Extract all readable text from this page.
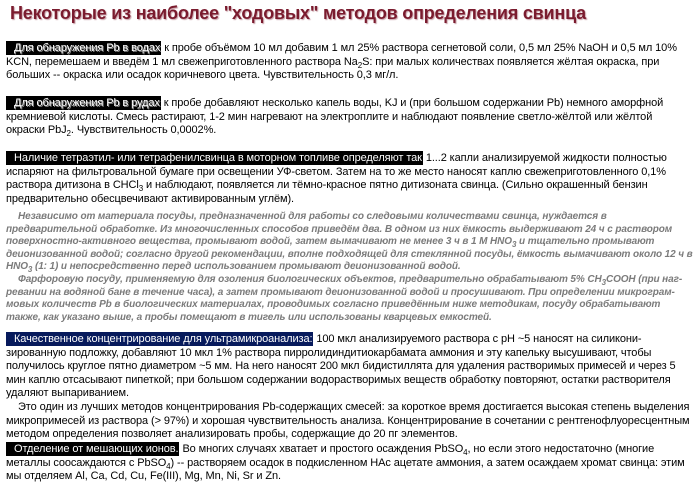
Некоторые из наиболее "ходовых" методов определения свинца
Для обнаружения Pb в водах к пробе объёмом 10 мл добавим 1 мл 25% раствора сегнетовой соли, 0,5 мл 25% NaOH и 0,5 мл 10% KCN, перемешаем и введём 1 мл свежеприготовленного раствора $Na_2S$: при малых количествах появляется жёлтая окраска, при больших -- окраска или осадок коричневого цвета. Чувствительность 0,3 мг/л.
Для обнаружения Pb в рудах к пробе добавляют несколько капель воды, KJ и (при большом содержании Pb) немного аморфной кремниевой кислоты. Смесь растирают, 1-2 мин нагревают на электроплите и наблюдают появление светло-жёлтой или жёлтой окраски PbJ$_2$. Чувствительность 0,0002%.
Наличие тетраэтил- или тетрафенилсвинца в моторном топливе определяют так 1...2 капли анализируемой жидкости полностью испаряют на фильтровальной бумаге при освещении УФ-светом. Затем на то же место наносят каплю свежеприготовленного 0,1% раствора дитизона в CHCl$_3$ и наблюдают, появляется ли тёмно-красное пятно дитизоната свинца. (Сильно окрашенный бензин предварительно обесцвечивают активированным углём).
Независимо от материала посуды, предназначенной для работы со следовыми количествами свинца, нуждается в предварительной обработке. Из многочисленных способов приведём два. В одном из них ёмкость выдерживают 24 ч с раствором поверхностно-активного вещества, промывают водой, затем вымачивают не менее 3 ч в 1 М $HNO_3$ и тщательно промывают деионизованной водой; согласно другой рекомендации, вполне подходящей для стеклянной посуды, ёмкость вымачивают около 12 ч в $HNO_3$ (1: 1) и непосредственно перед использованием промывают деионизованной водой.
Фарфоровую посуду, применяемую для озоления биологических объектов, предварительно обрабатывают 5% $CH_3COOH$ (при нагревании на водяной бане в течение часа), а затем промывают деионизованной водой и просушивают. При определении микрограммовых количеств Pb в биологических материалах, проводимых согласно приведённым ниже методикам, посуду обрабатывают также, как указано выше, а пробы помещают в тигель или использованы кварцевых емкостей.
Качественное концентрирование для ультрамикроанализа: 100 мкл анализируемого раствора с pH ~5 наносят на силиконизированную подложку, добавляют 10 мкл 1% раствора пирролидиндитиокарбамата аммония и эту капельку высушивают, чтобы получилось круглое пятно диаметром ~5 мм. На него наносят 200 мкл бидистиллята для удаления растворимых примесей и через 5 мин каплю отсасывают пипеткой; при большом содержании водорастворимых веществ обработку повторяют, остатки растворителя удаляют выпариванием.
Это один из лучших методов концентрирования Pb-содержащих смесей: за короткое время достигается высокая степень выделения микропримесей из раствора (> 97%) и хорошая чувствительность анализа. Концентрирование в сочетании с рентгенофлуоресцентным методом определения позволяет анализировать пробы, содержащие до 20 пг элементов.
Отделение от мешающих ионов. Во многих случаях хватает и простого осаждения PbSO$_4$, но если этого недостаточно (многие металлы соосаждаются с PbSO$_4$) -- растворяем осадок в подкисленном НАс ацетате аммония, а затем осаждаем хромат свинца: этим мы отделяем Al, Ca, Cd, Cu, Fe(III), Mg, Mn, Ni, Sr и Zn.
